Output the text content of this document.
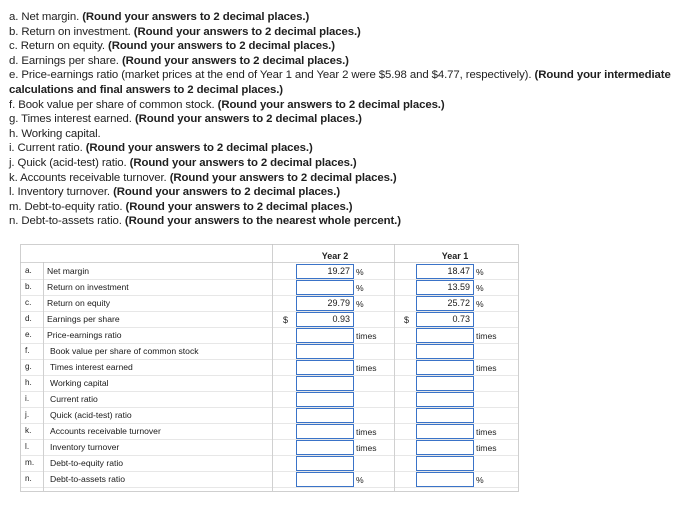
a. Net margin. (Round your answers to 2 decimal places.)
b. Return on investment. (Round your answers to 2 decimal places.)
c. Return on equity. (Round your answers to 2 decimal places.)
d. Earnings per share. (Round your answers to 2 decimal places.)
e. Price-earnings ratio (market prices at the end of Year 1 and Year 2 were $5.98 and $4.77, respectively). (Round your intermediate calculations and final answers to 2 decimal places.)
f. Book value per share of common stock. (Round your answers to 2 decimal places.)
g. Times interest earned. (Round your answers to 2 decimal places.)
h. Working capital.
i. Current ratio. (Round your answers to 2 decimal places.)
j. Quick (acid-test) ratio. (Round your answers to 2 decimal places.)
k. Accounts receivable turnover. (Round your answers to 2 decimal places.)
l. Inventory turnover. (Round your answers to 2 decimal places.)
m. Debt-to-equity ratio. (Round your answers to 2 decimal places.)
n. Debt-to-assets ratio. (Round your answers to the nearest whole percent.)
Year 2	Year 1
a. Net margin	19.27 %	18.47 %
b. Return on investment	%	13.59 %
c. Return on equity	29.79 %	25.72 %
d. Earnings per share	$	0.93	$	0.73
e. Price-earnings ratio	times	times
f. Book value per share of common stock
g. Times interest earned	times	times
h. Working capital
i. Current ratio
j. Quick (acid-test) ratio
k. Accounts receivable turnover	times	times
l. Inventory turnover	times	times
m. Debt-to-equity ratio
n. Debt-to-assets ratio	%	%
